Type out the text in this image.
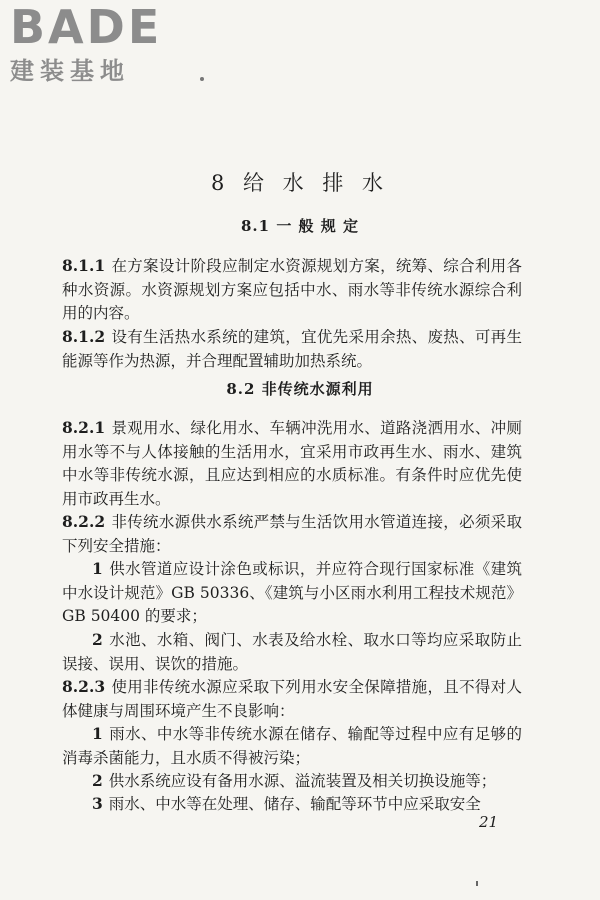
BADE
建装基地
8 给 水 排 水
8.1 一 般 规 定

8.1.1 在方案设计阶段应制定水资源规划方案，统筹、综合利用各种水资源。水资源规划方案应包括中水、雨水等非传统水源综合利用的内容。

8.1.2 设有生活热水系统的建筑，宜优先采用余热、废热、可再生能源等作为热源，并合理配置辅助加热系统。

8.2 非传统水源利用

8.2.1 景观用水、绿化用水、车辆冲洗用水、道路浇洒用水、冲厕用水等不与人体接触的生活用水，宜采用市政再生水、雨水、建筑中水等非传统水源，且应达到相应的水质标准。有条件时应优先使用市政再生水。

8.2.2 非传统水源供水系统严禁与生活饮用水管道连接，必须采取下列安全措施：

1 供水管道应设计涂色或标识，并应符合现行国家标准《建筑中水设计规范》GB 50336、《建筑与小区雨水利用工程技术规范》GB 50400 的要求；

2 水池、水箱、阀门、水表及给水栓、取水口等均应采取防止误接、误用、误饮的措施。

8.2.3 使用非传统水源应采取下列用水安全保障措施，且不得对人体健康与周围环境产生不良影响：

1 雨水、中水等非传统水源在储存、输配等过程中应有足够的消毒杀菌能力，且水质不得被污染；

2 供水系统应设有备用水源、溢流装置及相关切换设施等；

3 雨水、中水等在处理、储存、输配等环节中应采取安全

21
